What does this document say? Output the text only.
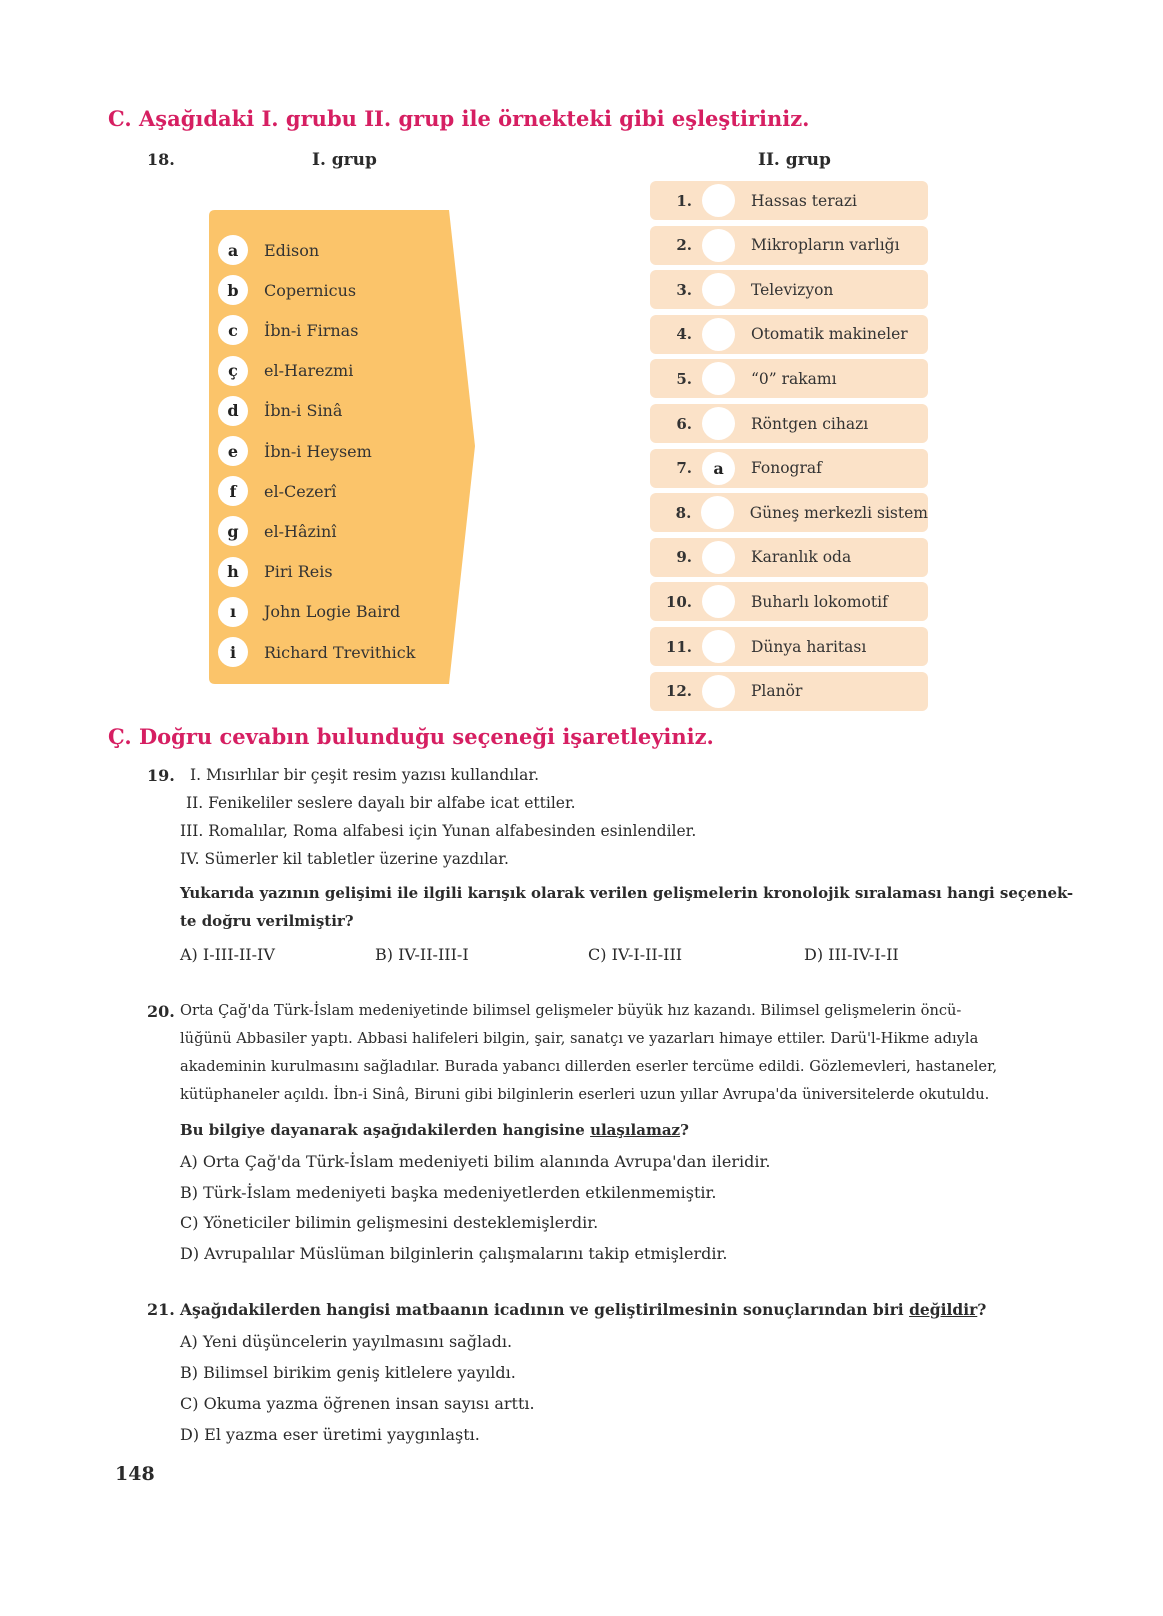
C. Aşağıdaki I. grubu II. grup ile örnekteki gibi eşleştiriniz.
18.	I. grup	II. grup
a	Edison
b	Copernicus
c	İbn-i Firnas
ç	el-Harezmi
d	İbn-i Sinâ
e	İbn-i Heysem
f	el-Cezerî
g	el-Hâzinî
h	Piri Reis
ı	John Logie Baird
i	Richard Trevithick
1.	Hassas terazi
2.	Mikropların varlığı
3.	Televizyon
4.	Otomatik makineler
5.	“0” rakamı
6.	Röntgen cihazı
7.	a	Fonograf
8.	Güneş merkezli sistem
9.	Karanlık oda
10.	Buharlı lokomotif
11.	Dünya haritası
12.	Planör
Ç. Doğru cevabın bulunduğu seçeneği işaretleyiniz.
19. I. Mısırlılar bir çeşit resim yazısı kullandılar.
II. Fenikeliler seslere dayalı bir alfabe icat ettiler.
III. Romalılar, Roma alfabesi için Yunan alfabesinden esinlendiler.
IV. Sümerler kil tabletler üzerine yazdılar.
Yukarıda yazının gelişimi ile ilgili karışık olarak verilen gelişmelerin kronolojik sıralaması hangi seçenek-
te doğru verilmiştir?
A) I-III-II-IV	B) IV-II-III-I	C) IV-I-II-III	D) III-IV-I-II
20. Orta Çağ'da Türk-İslam medeniyetinde bilimsel gelişmeler büyük hız kazandı. Bilimsel gelişmelerin öncü-
lüğünü Abbasiler yaptı. Abbasi halifeleri bilgin, şair, sanatçı ve yazarları himaye ettiler. Darü'l-Hikme adıyla
akademinin kurulmasını sağladılar. Burada yabancı dillerden eserler tercüme edildi. Gözlemevleri, hastaneler,
kütüphaneler açıldı. İbn-i Sinâ, Biruni gibi bilginlerin eserleri uzun yıllar Avrupa'da üniversitelerde okutuldu.
Bu bilgiye dayanarak aşağıdakilerden hangisine ulaşılamaz?
A) Orta Çağ'da Türk-İslam medeniyeti bilim alanında Avrupa'dan ileridir.
B) Türk-İslam medeniyeti başka medeniyetlerden etkilenmemiştir.
C) Yöneticiler bilimin gelişmesini desteklemişlerdir.
D) Avrupalılar Müslüman bilginlerin çalışmalarını takip etmişlerdir.
21. Aşağıdakilerden hangisi matbaanın icadının ve geliştirilmesinin sonuçlarından biri değildir?
A) Yeni düşüncelerin yayılmasını sağladı.
B) Bilimsel birikim geniş kitlelere yayıldı.
C) Okuma yazma öğrenen insan sayısı arttı.
D) El yazma eser üretimi yaygınlaştı.
148
